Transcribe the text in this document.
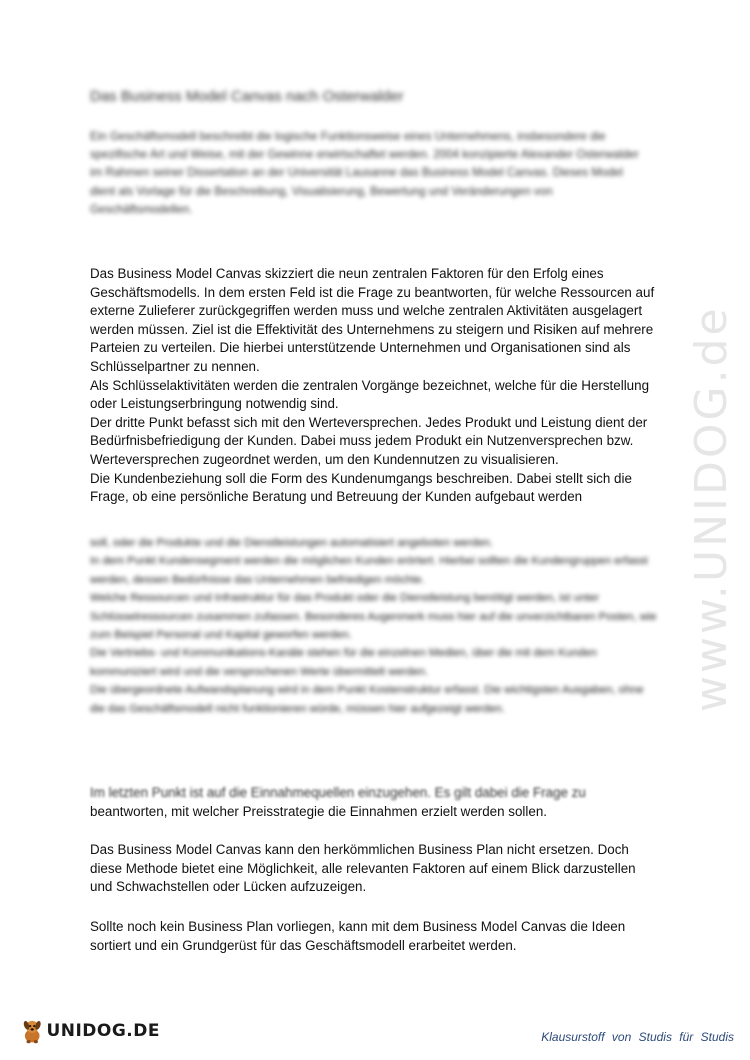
Das Business Model Canvas nach Osterwalder

Ein Geschäftsmodell beschreibt die logische Funktionsweise eines Unternehmens, insbesondere die spezifische Art und Weise, mit der Gewinne erwirtschaftet werden. 2004 konzipierte Alexander Osterwalder im Rahmen seiner Dissertation an der Universität Lausanne das Business Model Canvas. Dieses Model dient als Vorlage für die Beschreibung, Visualisierung, Bewertung und Veränderungen von Geschäftsmodellen.

Das Business Model Canvas skizziert die neun zentralen Faktoren für den Erfolg eines Geschäftsmodells. In dem ersten Feld ist die Frage zu beantworten, für welche Ressourcen auf externe Zulieferer zurückgegriffen werden muss und welche zentralen Aktivitäten ausgelagert werden müssen. Ziel ist die Effektivität des Unternehmens zu steigern und Risiken auf mehrere Parteien zu verteilen. Die hierbei unterstützende Unternehmen und Organisationen sind als Schlüsselpartner zu nennen.
Als Schlüsselaktivitäten werden die zentralen Vorgänge bezeichnet, welche für die Herstellung oder Leistungserbringung notwendig sind.
Der dritte Punkt befasst sich mit den Werteversprechen. Jedes Produkt und Leistung dient der Bedürfnisbefriedigung der Kunden. Dabei muss jedem Produkt ein Nutzenversprechen bzw. Werteversprechen zugeordnet werden, um den Kundennutzen zu visualisieren.
Die Kundenbeziehung soll die Form des Kundenumgangs beschreiben. Dabei stellt sich die Frage, ob eine persönliche Beratung und Betreuung der Kunden aufgebaut werden

soll, oder die Produkte und die Dienstleistungen automatisiert angeboten werden.
In dem Punkt Kundensegment werden die möglichen Kunden erörtert. Hierbei sollten die Kundengruppen erfasst werden, dessen Bedürfnisse das Unternehmen befriedigen möchte.
Welche Ressourcen und Infrastruktur für das Produkt oder die Dienstleistung benötigt werden, ist unter Schlüsselressourcen zusammen zufassen. Besonderes Augenmerk muss hier auf die unverzichtbaren Posten, wie zum Beispiel Personal und Kapital geworfen werden.
Die Vertriebs- und Kommunikations-Kanäle stehen für die einzelnen Medien, über die mit dem Kunden kommuniziert wird und die versprochenen Werte übermittelt werden.
Die übergeordnete Aufwandsplanung wird in dem Punkt Kostenstruktur erfasst. Die wichtigsten Ausgaben, ohne die das Geschäftsmodell nicht funktionieren würde, müssen hier aufgezeigt werden.

Im letzten Punkt ist auf die Einnahmequellen einzugehen. Es gilt dabei die Frage zu
beantworten, mit welcher Preisstrategie die Einnahmen erzielt werden sollen.

Das Business Model Canvas kann den herkömmlichen Business Plan nicht ersetzen. Doch diese Methode bietet eine Möglichkeit, alle relevanten Faktoren auf einem Blick darzustellen und Schwachstellen oder Lücken aufzuzeigen.

Sollte noch kein Business Plan vorliegen, kann mit dem Business Model Canvas die Ideen sortiert und ein Grundgerüst für das Geschäftsmodell erarbeitet werden.

www.UNIDOG.de
UNIDOG.DE	Klausurstoff von Studis für Studis
